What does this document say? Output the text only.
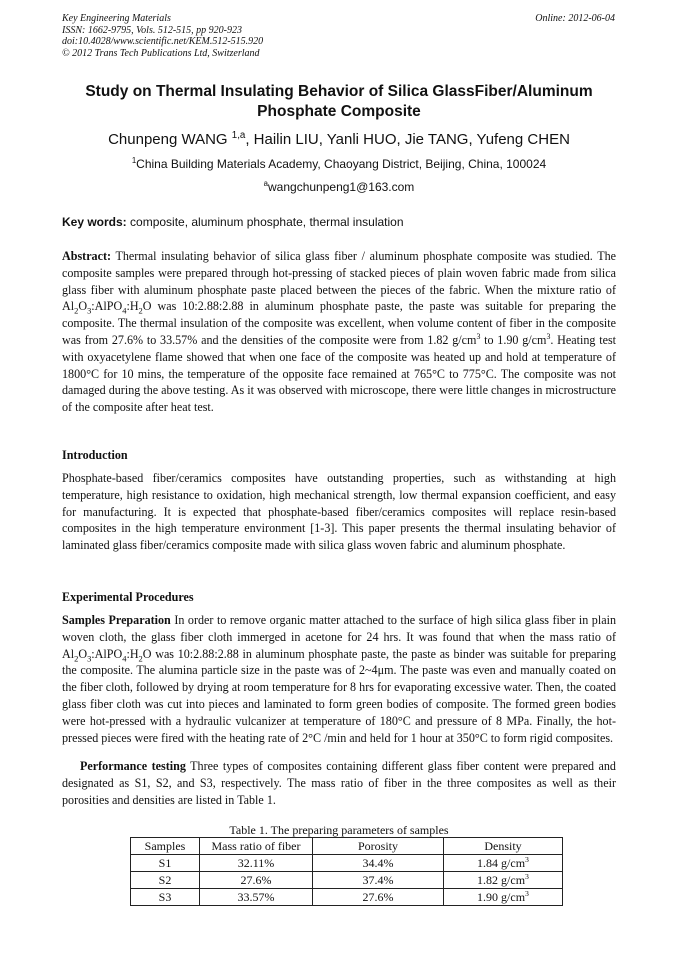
Key Engineering Materials
ISSN: 1662-9795, Vols. 512-515, pp 920-923
doi:10.4028/www.scientific.net/KEM.512-515.920
© 2012 Trans Tech Publications Ltd, Switzerland
Online: 2012-06-04
Study on Thermal Insulating Behavior of Silica GlassFiber/Aluminum Phosphate Composite
Chunpeng WANG $^{1,a}$, Hailin LIU, Yanli HUO, Jie TANG, Yufeng CHEN
$^1$China Building Materials Academy, Chaoyang District, Beijing, China, 100024
$^a$wangchunpeng1@163.com
Key words: composite, aluminum phosphate, thermal insulation

Abstract: Thermal insulating behavior of silica glass fiber / aluminum phosphate composite was studied. The composite samples were prepared through hot-pressing of stacked pieces of plain woven fabric made from silica glass fiber with aluminum phosphate paste placed between the pieces of the fabric. When the mixture ratio of $Al_2O_3:AlPO_4:H_2O$ was 10:2.88:2.88 in aluminum phosphate paste, the paste was suitable for preparing the composite. The thermal insulation of the composite was excellent, when volume content of fiber in the composite was from 27.6% to 33.57% and the densities of the composite were from 1.82 $g/cm^3$ to 1.90 $g/cm^3$. Heating test with oxyacetylene flame showed that when one face of the composite was heated up and hold at temperature of 1800°C for 10 mins, the temperature of the opposite face remained at 765°C to 775°C. The composite was not damaged during the above testing. As it was observed with microscope, there were little changes in microstructure of the composite after heat test.

Introduction

Phosphate-based fiber/ceramics composites have outstanding properties, such as withstanding at high temperature, high resistance to oxidation, high mechanical strength, low thermal expansion coefficient, and easy for manufacturing. It is expected that phosphate-based fiber/ceramics composites will replace resin-based composites in the high temperature environment [1-3]. This paper presents the thermal insulating behavior of laminated glass fiber/ceramics composite made with silica glass woven fabric and aluminum phosphate.

Experimental Procedures

Samples Preparation In order to remove organic matter attached to the surface of high silica glass fiber in plain woven cloth, the glass fiber cloth immerged in acetone for 24 hrs. It was found that when the mass ratio of $Al_2O_3:AlPO_4:H_2O$ was 10:2.88:2.88 in aluminum phosphate paste, the paste as binder was suitable for preparing the composite. The alumina particle size in the paste was of 2~4μm. The paste was even and manually coated on the fiber cloth, followed by drying at room temperature for 8 hrs for evaporating excessive water. Then, the coated glass fiber cloth was cut into pieces and laminated to form green bodies of composite. The formed green bodies were hot-pressed with a hydraulic vulcanizer at temperature of 180°C and pressure of 8 MPa. Finally, the hot-pressed pieces were fired with the heating rate of 2°C /min and held for 1 hour at 350°C to form rigid composites.

Performance testing Three types of composites containing different glass fiber content were prepared and designated as S1, S2, and S3, respectively. The mass ratio of fiber in the three composites as well as their porosities and densities are listed in Table 1.

Table 1. The preparing parameters of samples
Samples	Mass ratio of fiber	Porosity	Density
S1	32.11%	34.4%	1.84 $g/cm^3$
S2	27.6%	37.4%	1.82 $g/cm^3$
S3	33.57%	27.6%	1.90 $g/cm^3$
